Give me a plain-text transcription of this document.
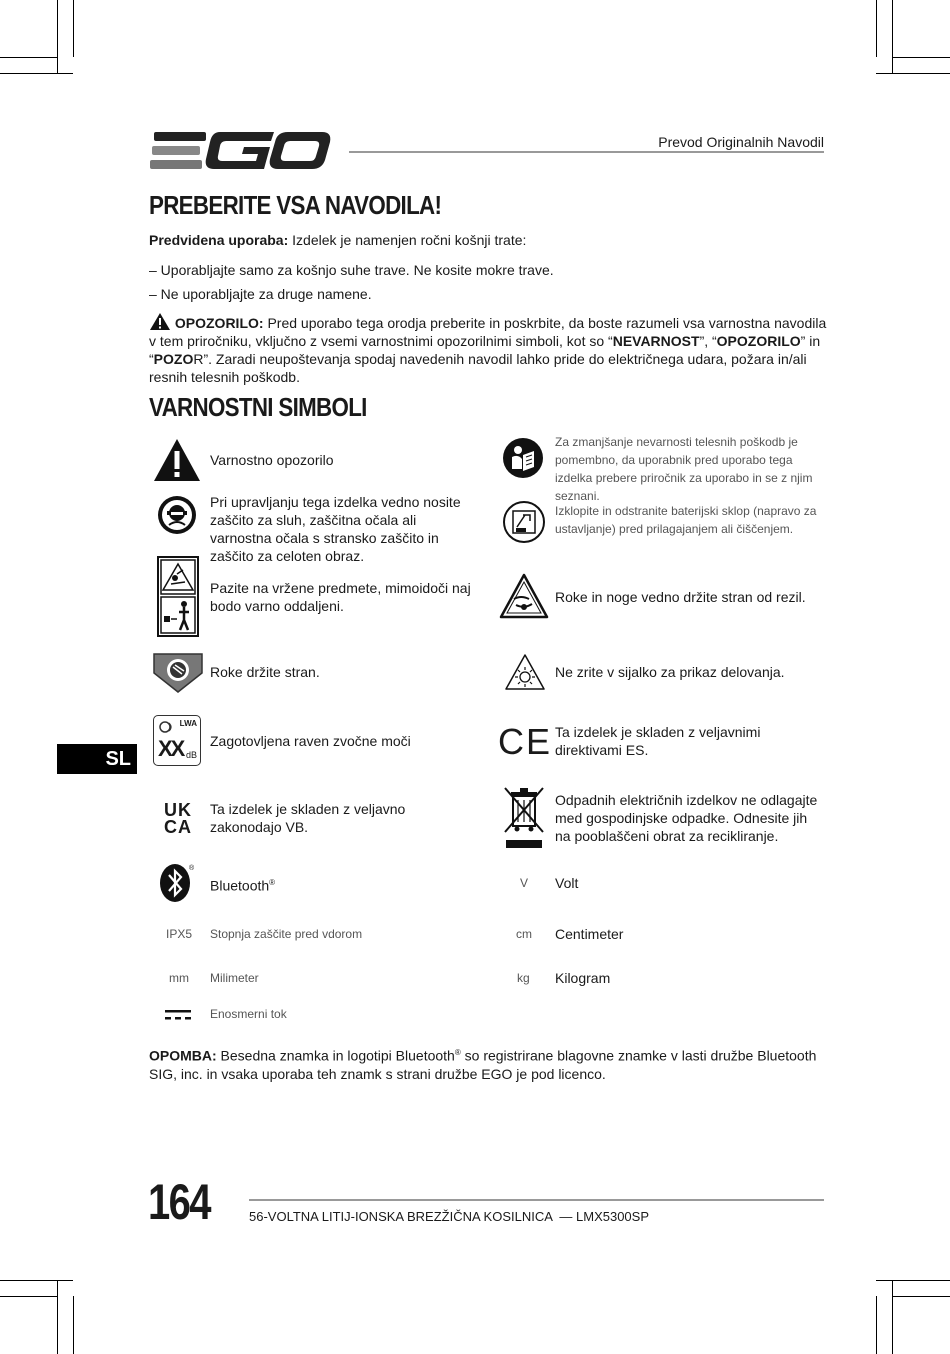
Prevod Originalnih Navodil
PREBERITE VSA NAVODILA!
Predvidena uporaba: Izdelek je namenjen ročni košnji trate:
– Uporabljajte samo za košnjo suhe trave. Ne kosite mokre trave.
– Ne uporabljajte za druge namene.
OPOZORILO: Pred uporabo tega orodja preberite in poskrbite, da boste razumeli vsa varnostna navodila v tem priročniku, vključno z vsemi varnostnimi opozorilnimi simboli, kot so “NEVARNOST”, “OPOZORILO” in “POZOR”. Zaradi neupoštevanja spodaj navedenih navodil lahko pride do električnega udara, požara in/ali resnih telesnih poškodb.
VARNOSTNI SIMBOLI
Varnostno opozorilo
Pri upravljanju tega izdelka vedno nosite zaščito za sluh, zaščitna očala ali varnostna očala s stransko zaščito in zaščito za celoten obraz.
Pazite na vržene predmete, mimoidoči naj bodo varno oddaljeni.
Roke držite stran.
LWA
XX dB
Zagotovljena raven zvočne moči
UK
CA
Ta izdelek je skladen z veljavno zakonodajo VB.
®
Bluetooth®
IPX5 Stopnja zaščite pred vdorom
mm Milimeter
Enosmerni tok
Za zmanjšanje nevarnosti telesnih poškodb je pomembno, da uporabnik pred uporabo tega izdelka prebere priročnik za uporabo in se z njim seznani.
Izklopite in odstranite baterijski sklop (napravo za ustavljanje) pred prilagajanjem ali čiščenjem.
Roke in noge vedno držite stran od rezil.
Ne zrite v sijalko za prikaz delovanja.
CE Ta izdelek je skladen z veljavnimi direktivami ES.
Odpadnih električnih izdelkov ne odlagajte med gospodinjske odpadke. Odnesite jih na pooblaščeni obrat za recikliranje.
V Volt
cm Centimeter
kg Kilogram
SL
OPOMBA: Besedna znamka in logotipi Bluetooth® so registrirane blagovne znamke v lasti družbe Bluetooth SIG, inc. in vsaka uporaba teh znamk s strani družbe EGO je pod licenco.
164	56-VOLTNA LITIJ-IONSKA BREZŽIČNA KOSILNICA  — LMX5300SP
